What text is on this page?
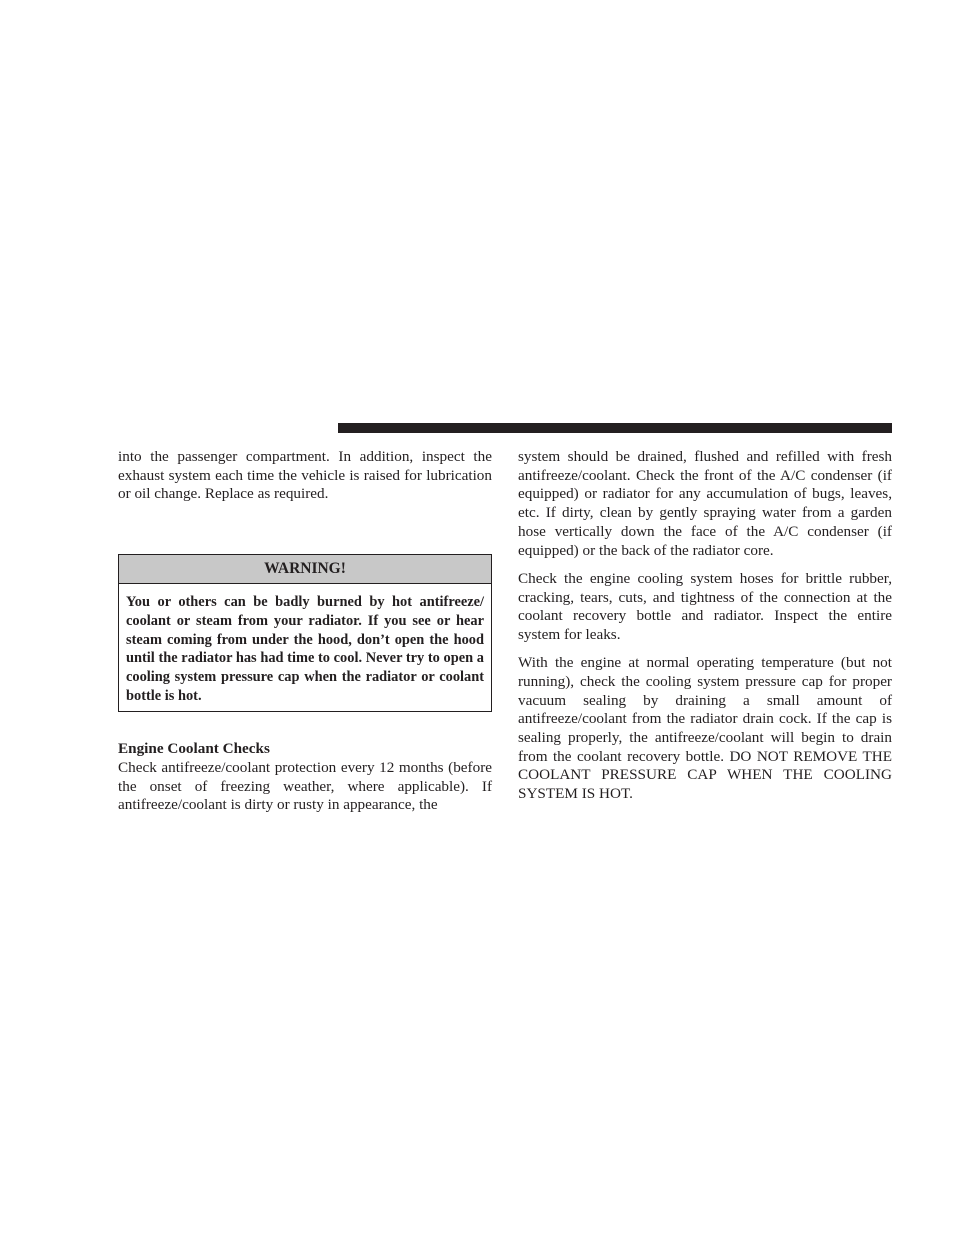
into the passenger compartment. In addition, inspect the exhaust system each time the vehicle is raised for lubrication or oil change. Replace as required.

WARNING!
You or others can be badly burned by hot antifreeze/​coolant or steam from your radiator. If you see or hear steam coming from under the hood, don’t open the hood until the radiator has had time to cool. Never try to open a cooling system pressure cap when the radiator or coolant bottle is hot.
Engine Coolant Checks

Check antifreeze/coolant protection every 12 months (before the onset of freezing weather, where applicable). If antifreeze/coolant is dirty or rusty in appearance, the

system should be drained, flushed and refilled with fresh antifreeze/coolant. Check the front of the A/C condenser (if equipped) or radiator for any accumulation of bugs, leaves, etc. If dirty, clean by gently spraying water from a garden hose vertically down the face of the A/C condenser (if equipped) or the back of the radiator core.

Check the engine cooling system hoses for brittle rubber, cracking, tears, cuts, and tightness of the connection at the coolant recovery bottle and radiator. Inspect the entire system for leaks.

With the engine at normal operating temperature (but not running), check the cooling system pressure cap for proper vacuum sealing by draining a small amount of antifreeze/coolant from the radiator drain cock. If the cap is sealing properly, the antifreeze/coolant will begin to drain from the coolant recovery bottle. DO NOT REMOVE THE COOLANT PRESSURE CAP WHEN THE COOLING SYSTEM IS HOT.
